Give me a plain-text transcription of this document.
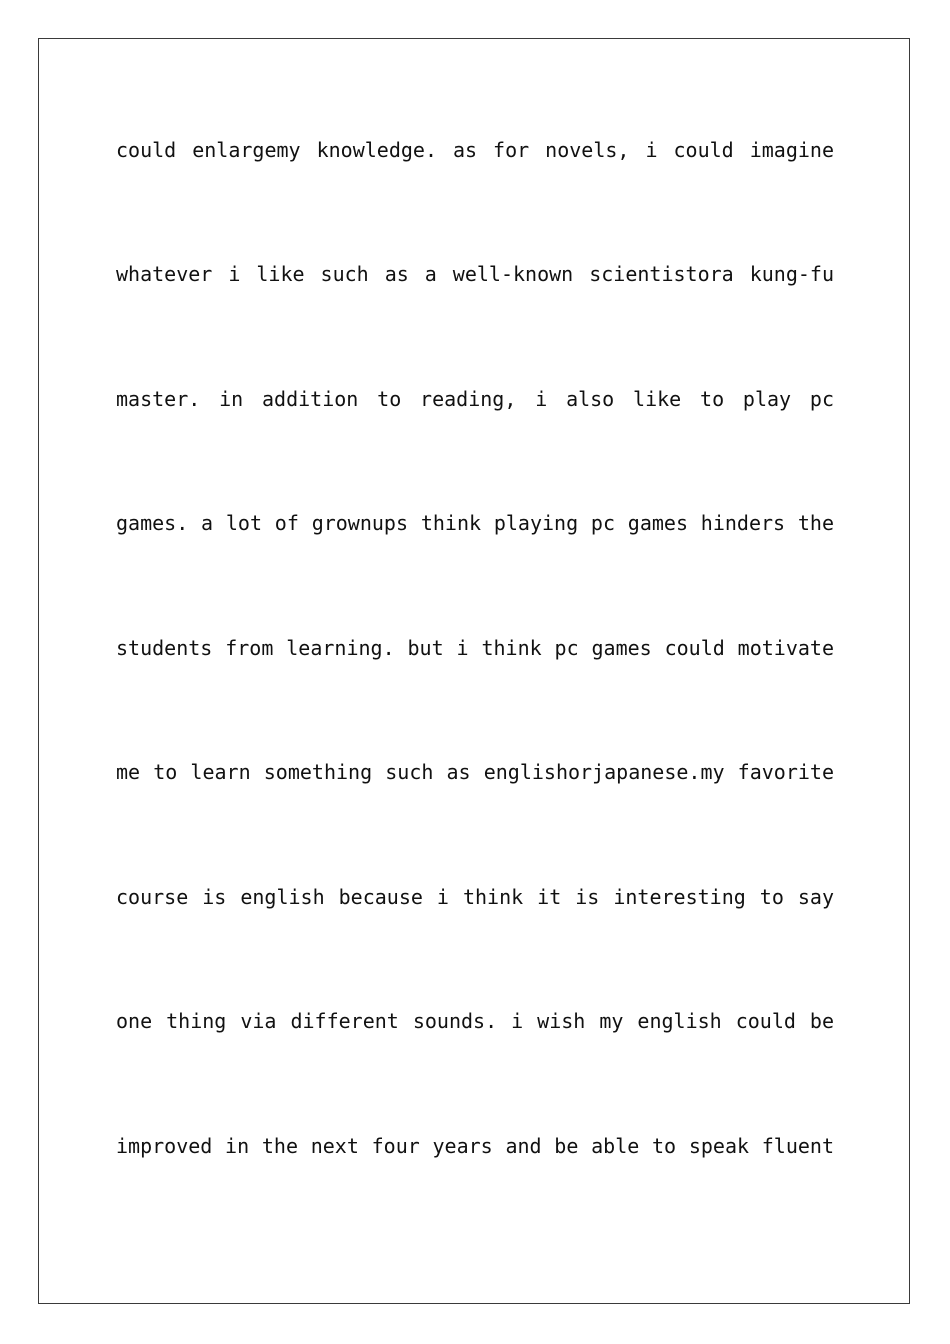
could enlargemy knowledge. as for novels, i could imagine
whatever i like such as a well-known scientistora kung-fu
master. in addition to reading, i also like to play pc
games. a lot of grownups think playing pc games hinders the
students from learning. but i think pc games could motivate
me to learn something such as englishorjapanese.my favorite
course is english because i think it is interesting to say
one thing via different sounds. i wish my english could be
improved in the next four years and be able to speak fluent
